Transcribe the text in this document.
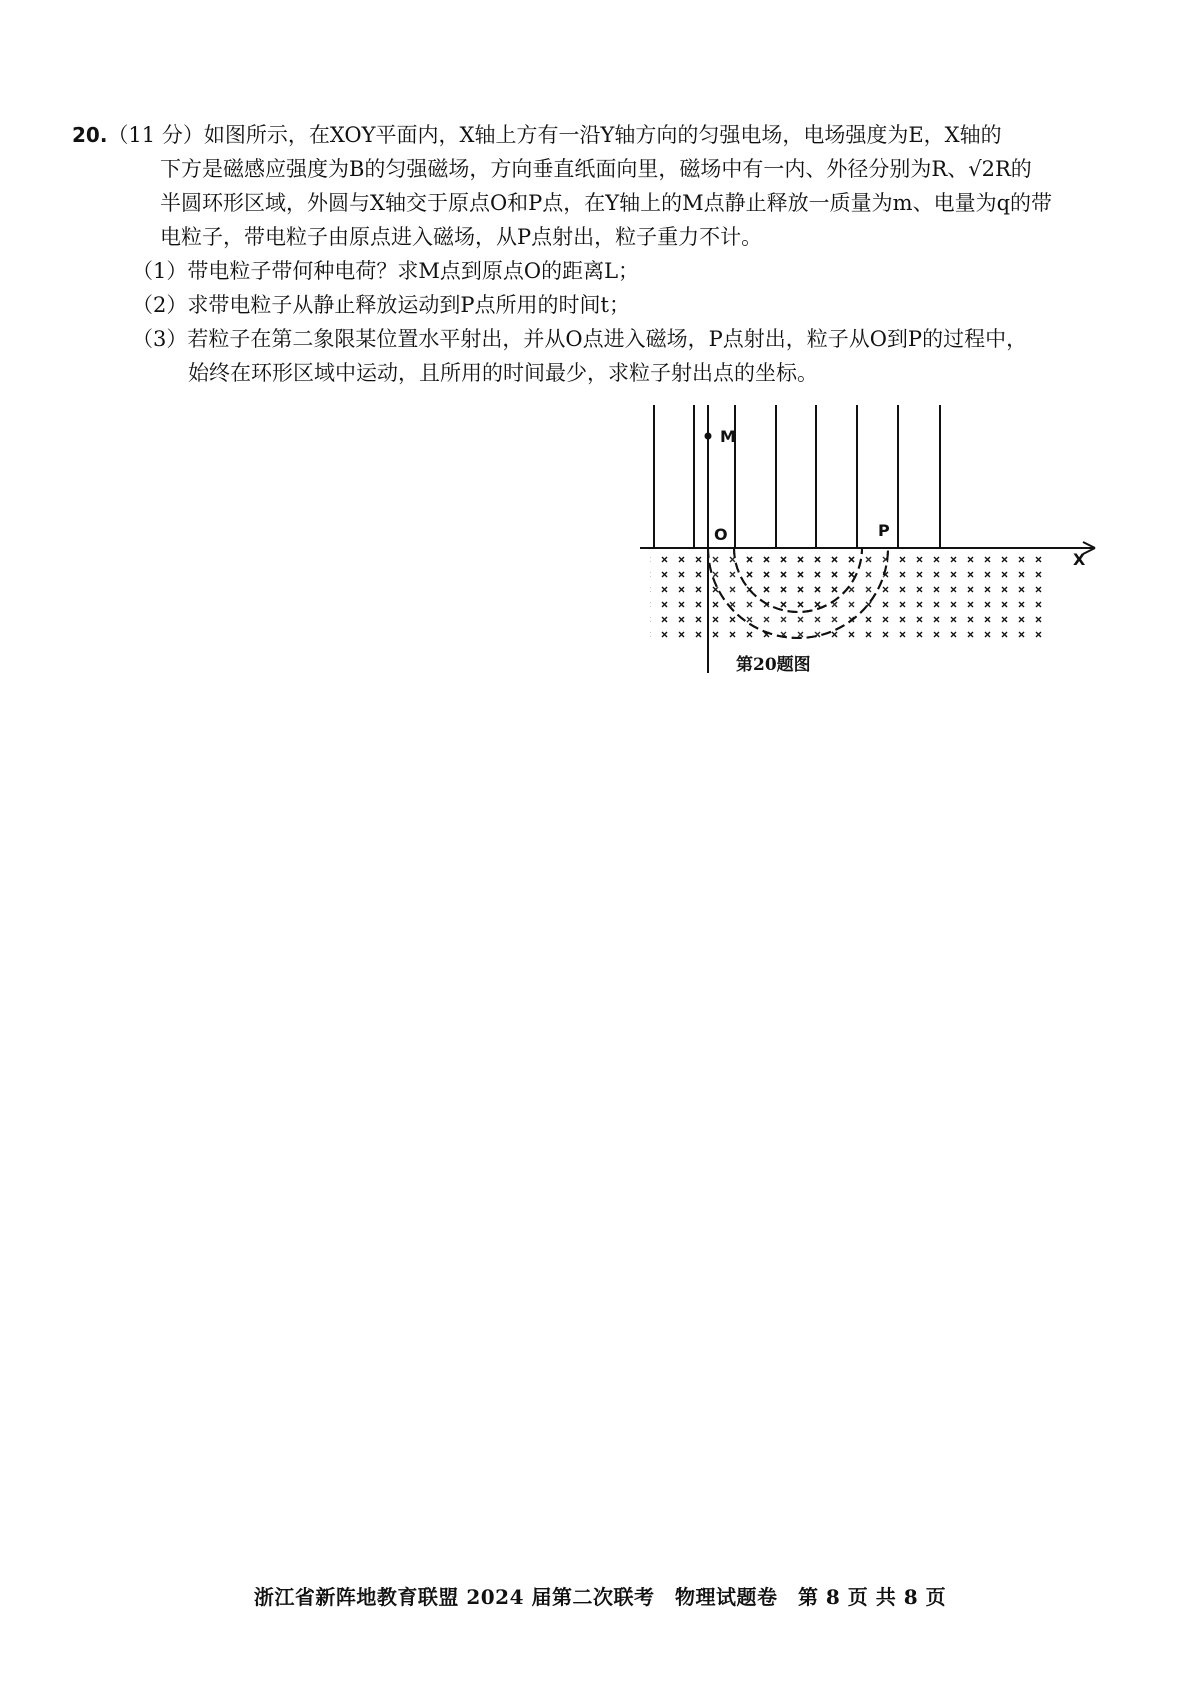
20.（11 分）如图所示，在XOY平面内，X轴上方有一沿Y轴方向的匀强电场，电场强度为E，X轴的
下方是磁感应强度为B的匀强磁场，方向垂直纸面向里，磁场中有一内、外径分别为R、√2R的
半圆环形区域，外圆与X轴交于原点O和P点，在Y轴上的M点静止释放一质量为m、电量为q的带
电粒子，带电粒子由原点进入磁场，从P点射出，粒子重力不计。
（1）带电粒子带何种电荷？求M点到原点O的距离L；
（2）求带电粒子从静止释放运动到P点所用的时间t；
（3）若粒子在第二象限某位置水平射出，并从O点进入磁场，P点射出，粒子从O到P的过程中，
始终在环形区域中运动，且所用的时间最少，求粒子射出点的坐标。
M
O	P
X
第20题图
浙江省新阵地教育联盟 2024 届第二次联考　物理试题卷　第 8 页 共 8 页
